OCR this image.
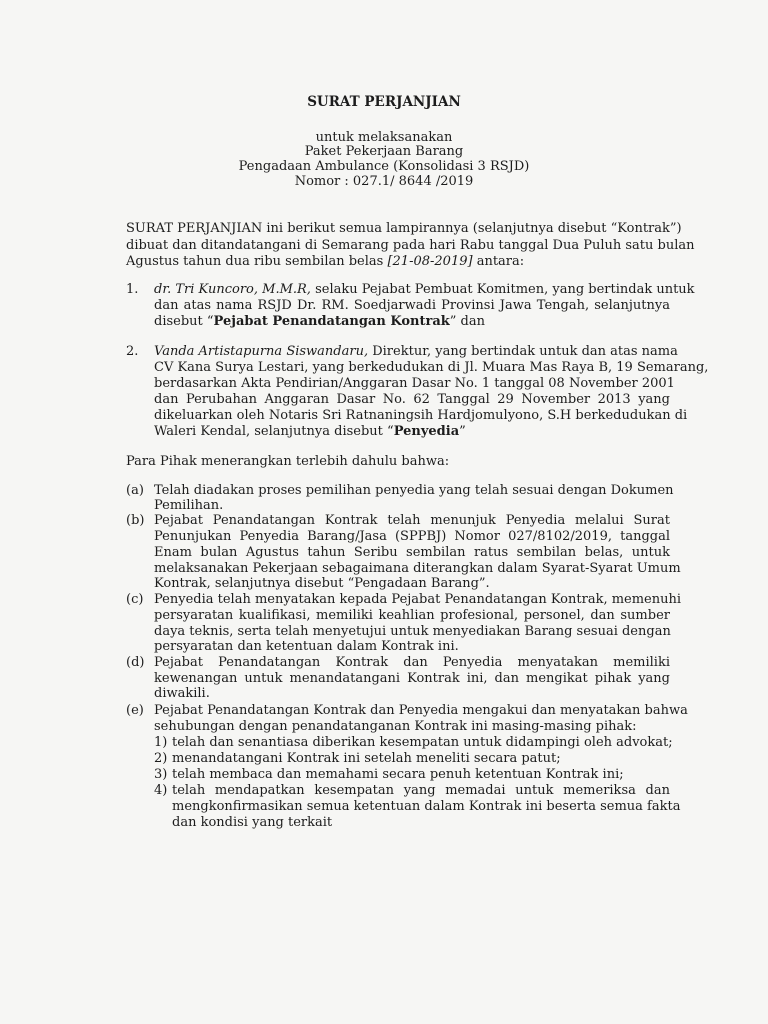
SURAT PERJANJIAN
untuk melaksanakan
Paket Pekerjaan Barang
Pengadaan Ambulance (Konsolidasi 3 RSJD)
Nomor : 027.1/ 8644 /2019
SURAT PERJANJIAN ini berikut semua lampirannya (selanjutnya disebut “Kontrak”)
dibuat dan ditandatangani di Semarang pada hari Rabu tanggal Dua Puluh satu bulan
Agustus tahun dua ribu sembilan belas [21-08-2019] antara:
1. dr. Tri Kuncoro, M.M.R, selaku Pejabat Pembuat Komitmen, yang bertindak untuk
dan atas nama RSJD Dr. RM. Soedjarwadi Provinsi Jawa Tengah, selanjutnya
disebut “Pejabat Penandatangan Kontrak” dan
2. Vanda Artistapurna Siswandaru, Direktur, yang bertindak untuk dan atas nama
CV Kana Surya Lestari, yang berkedudukan di Jl. Muara Mas Raya B, 19 Semarang,
berdasarkan Akta Pendirian/Anggaran Dasar No. 1 tanggal 08 November 2001
dan Perubahan Anggaran Dasar No. 62 Tanggal 29 November 2013 yang
dikeluarkan oleh Notaris Sri Ratnaningsih Hardjomulyono, S.H berkedudukan di
Waleri Kendal, selanjutnya disebut “Penyedia”
Para Pihak menerangkan terlebih dahulu bahwa:
(a) Telah diadakan proses pemilihan penyedia yang telah sesuai dengan Dokumen
Pemilihan.
(b) Pejabat Penandatangan Kontrak telah menunjuk Penyedia melalui Surat
Penunjukan Penyedia Barang/Jasa (SPPBJ) Nomor 027/8102/2019, tanggal
Enam bulan Agustus tahun Seribu sembilan ratus sembilan belas, untuk
melaksanakan Pekerjaan sebagaimana diterangkan dalam Syarat-Syarat Umum
Kontrak, selanjutnya disebut “Pengadaan Barang”.
(c) Penyedia telah menyatakan kepada Pejabat Penandatangan Kontrak, memenuhi
persyaratan kualifikasi, memiliki keahlian profesional, personel, dan sumber
daya teknis, serta telah menyetujui untuk menyediakan Barang sesuai dengan
persyaratan dan ketentuan dalam Kontrak ini.
(d) Pejabat Penandatangan Kontrak dan Penyedia menyatakan memiliki
kewenangan untuk menandatangani Kontrak ini, dan mengikat pihak yang
diwakili.
(e) Pejabat Penandatangan Kontrak dan Penyedia mengakui dan menyatakan bahwa
sehubungan dengan penandatanganan Kontrak ini masing-masing pihak:
1) telah dan senantiasa diberikan kesempatan untuk didampingi oleh advokat;
2) menandatangani Kontrak ini setelah meneliti secara patut;
3) telah membaca dan memahami secara penuh ketentuan Kontrak ini;
4) telah mendapatkan kesempatan yang memadai untuk memeriksa dan
mengkonfirmasikan semua ketentuan dalam Kontrak ini beserta semua fakta
dan kondisi yang terkait
